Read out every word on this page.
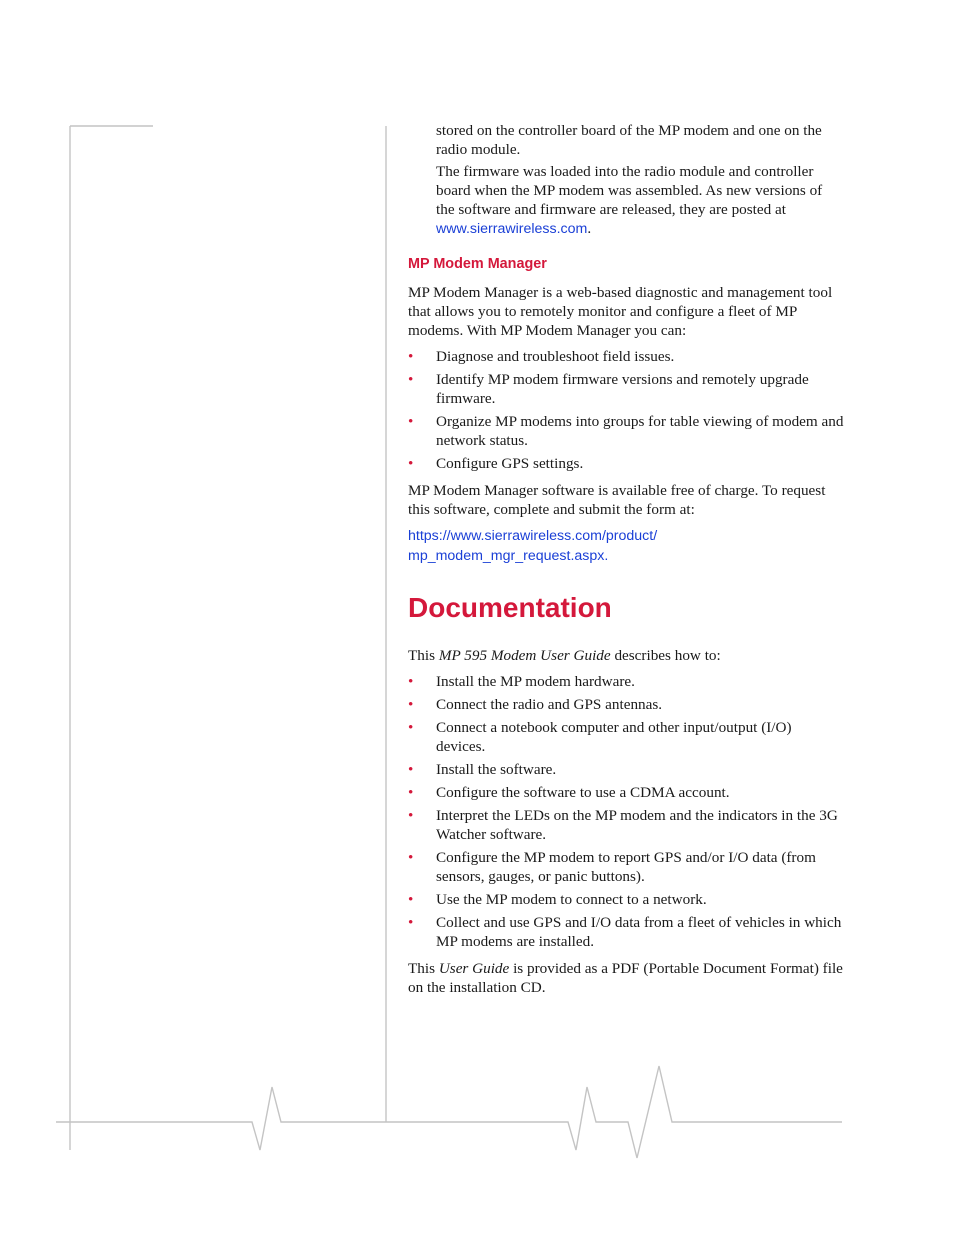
stored on the controller board of the MP modem and one on the radio module.

The firmware was loaded into the radio module and controller board when the MP modem was assembled. As new versions of the software and firmware are released, they are posted at www.sierrawireless.com.

MP Modem Manager

MP Modem Manager is a web-based diagnostic and management tool that allows you to remotely monitor and configure a fleet of MP modems. With MP Modem Manager you can:

• Diagnose and troubleshoot field issues.
• Identify MP modem firmware versions and remotely upgrade firmware.
• Organize MP modems into groups for table viewing of modem and network status.
• Configure GPS settings.

MP Modem Manager software is available free of charge. To request this software, complete and submit the form at:

https://www.sierrawireless.com/product/
mp_modem_mgr_request.aspx.
Documentation

This MP 595 Modem User Guide describes how to:

• Install the MP modem hardware.
• Connect the radio and GPS antennas.
• Connect a notebook computer and other input/output (I/O) devices.
• Install the software.
• Configure the software to use a CDMA account.
• Interpret the LEDs on the MP modem and the indicators in the 3G Watcher software.
• Configure the MP modem to report GPS and/or I/O data (from sensors, gauges, or panic buttons).
• Use the MP modem to connect to a network.
• Collect and use GPS and I/O data from a fleet of vehicles in which MP modems are installed.

This User Guide is provided as a PDF (Portable Document Format) file on the installation CD.
